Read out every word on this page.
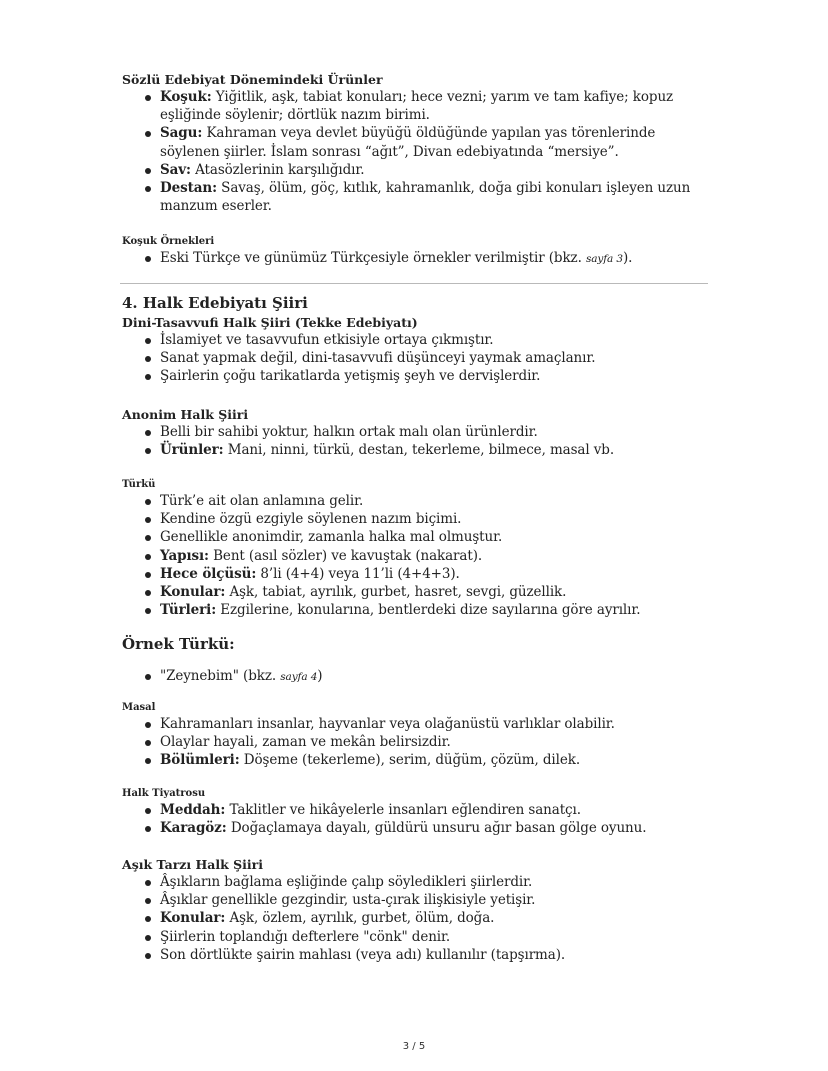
Sözlü Edebiyat Dönemindeki Ürünler

Koşuk: Yiğitlik, aşk, tabiat konuları; hece vezni; yarım ve tam kafiye; kopuz eşliğinde söylenir; dörtlük nazım birimi.
Sagu: Kahraman veya devlet büyüğü öldüğünde yapılan yas törenlerinde söylenen şiirler. İslam sonrası “ağıt”, Divan edebiyatında “mersiye”.
Sav: Atasözlerinin karşılığıdır.
Destan: Savaş, ölüm, göç, kıtlık, kahramanlık, doğa gibi konuları işleyen uzun manzum eserler.

Koşuk Örnekleri

Eski Türkçe ve günümüz Türkçesiyle örnekler verilmiştir (bkz. sayfa 3).

4. Halk Edebiyatı Şiiri

Dini-Tasavvufi Halk Şiiri (Tekke Edebiyatı)

İslamiyet ve tasavvufun etkisiyle ortaya çıkmıştır.
Sanat yapmak değil, dini-tasavvufi düşünceyi yaymak amaçlanır.
Şairlerin çoğu tarikatlarda yetişmiş şeyh ve dervişlerdir.

Anonim Halk Şiiri

Belli bir sahibi yoktur, halkın ortak malı olan ürünlerdir.
Ürünler: Mani, ninni, türkü, destan, tekerleme, bilmece, masal vb.

Türkü

Türk’e ait olan anlamına gelir.
Kendine özgü ezgiyle söylenen nazım biçimi.
Genellikle anonimdir, zamanla halka mal olmuştur.
Yapısı: Bent (asıl sözler) ve kavuştak (nakarat).
Hece ölçüsü: 8’li (4+4) veya 11’li (4+4+3).
Konular: Aşk, tabiat, ayrılık, gurbet, hasret, sevgi, güzellik.
Türleri: Ezgilerine, konularına, bentlerdeki dize sayılarına göre ayrılır.

Örnek Türkü:

"Zeynebim" (bkz. sayfa 4)

Masal

Kahramanları insanlar, hayvanlar veya olağanüstü varlıklar olabilir.
Olaylar hayali, zaman ve mekân belirsizdir.
Bölümleri: Döşeme (tekerleme), serim, düğüm, çözüm, dilek.

Halk Tiyatrosu

Meddah: Taklitler ve hikâyelerle insanları eğlendiren sanatçı.
Karagöz: Doğaçlamaya dayalı, güldürü unsuru ağır basan gölge oyunu.

Aşık Tarzı Halk Şiiri

Âşıkların bağlama eşliğinde çalıp söyledikleri şiirlerdir.
Âşıklar genellikle gezgindir, usta-çırak ilişkisiyle yetişir.
Konular: Aşk, özlem, ayrılık, gurbet, ölüm, doğa.
Şiirlerin toplandığı defterlere "cönk" denir.
Son dörtlükte şairin mahlası (veya adı) kullanılır (tapşırma).
3 / 5
